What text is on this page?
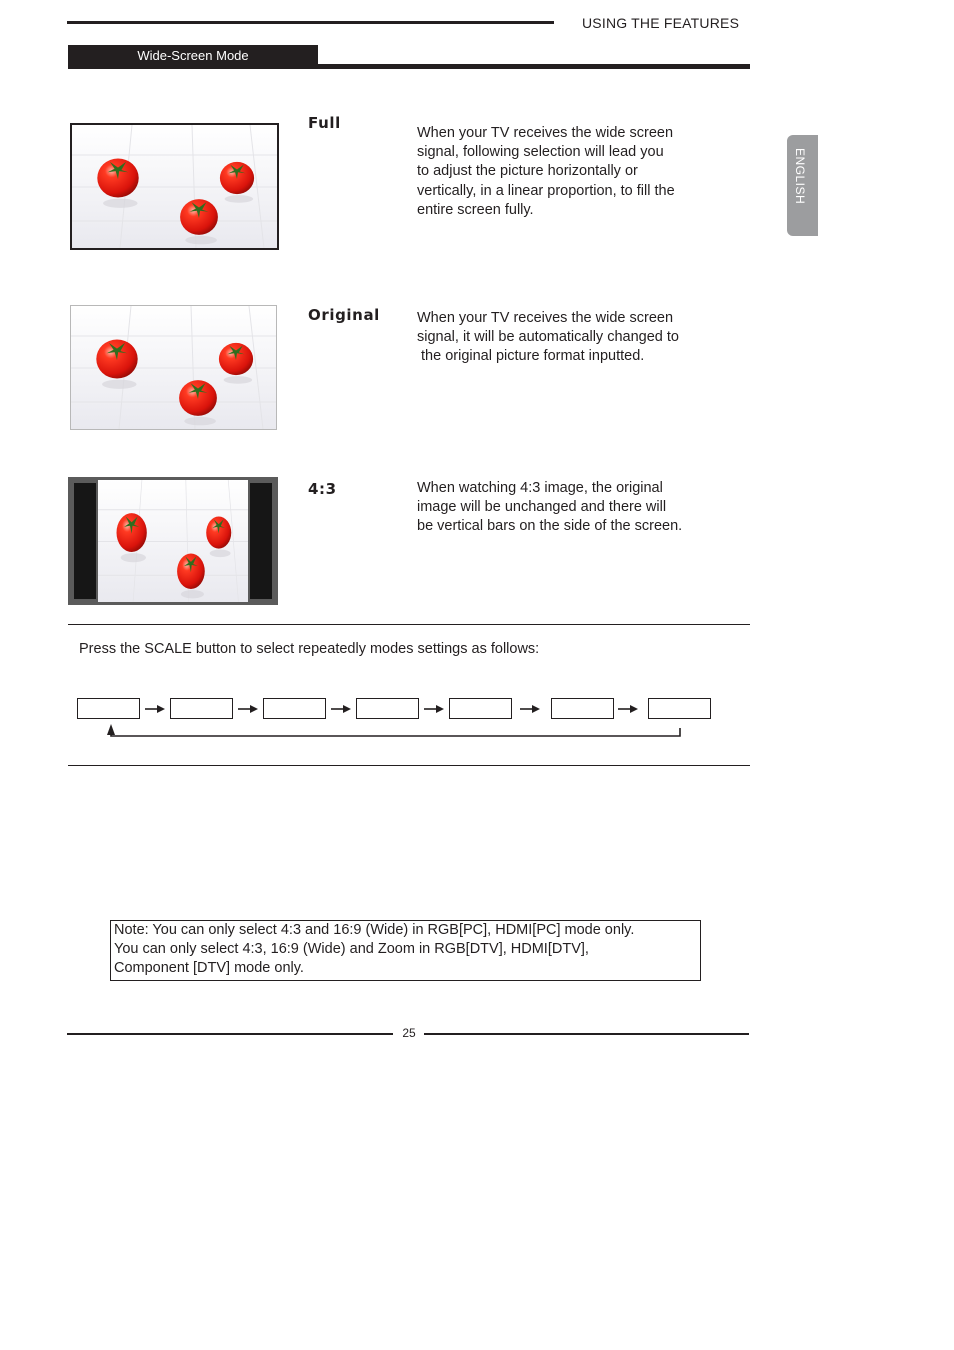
USING THE FEATURES
Wide-Screen Mode
ENGLISH
Full
When your TV receives the wide screen
signal, following selection will lead you
to adjust the picture horizontally or
vertically, in a linear proportion, to fill the
entire screen fully.
Original	When your TV receives the wide screen
signal, it will be automatically changed to
the original picture format inputted.
4:3	When watching 4:3 image, the original
image will be unchanged and there will
be vertical bars on the side of the screen.
Press the SCALE button to select repeatedly modes settings as follows:
Note: You can only select 4:3 and 16:9 (Wide) in RGB[PC], HDMI[PC] mode only.
You can only select 4:3, 16:9 (Wide) and Zoom in RGB[DTV], HDMI[DTV],
Component [DTV] mode only.
25
